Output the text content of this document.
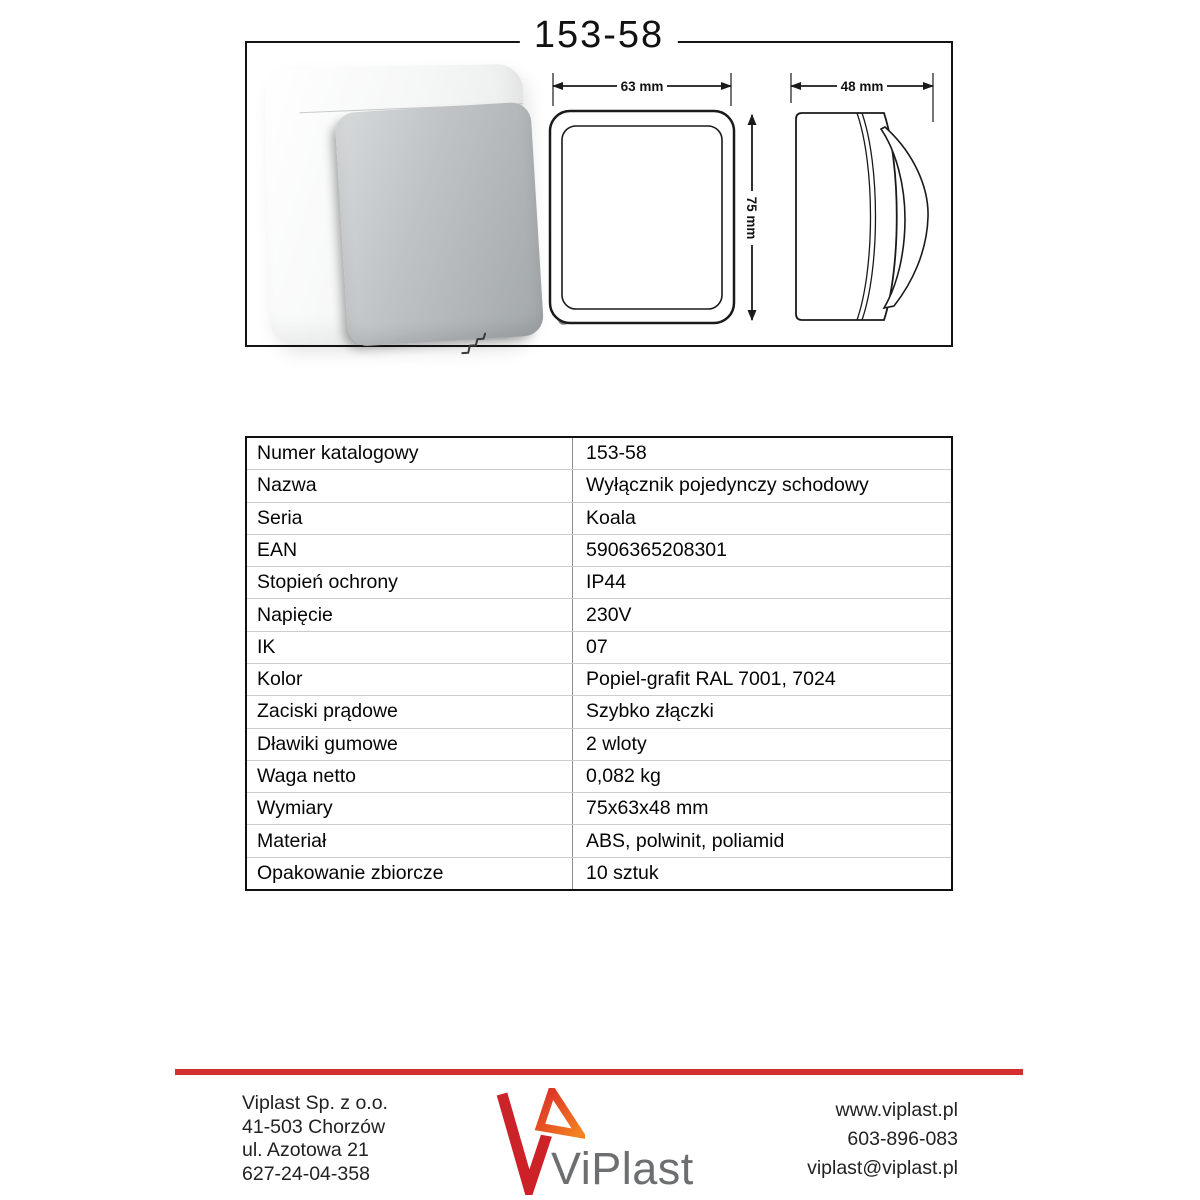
153-58
63 mm
75 mm
48 mm
Numer katalogowy	153-58
Nazwa	Wyłącznik pojedynczy schodowy
Seria	Koala
EAN	5906365208301
Stopień ochrony	IP44
Napięcie	230V
IK	07
Kolor	Popiel-grafit RAL 7001, 7024
Zaciski prądowe	Szybko złączki
Dławiki gumowe	2 wloty
Waga netto	0,082 kg
Wymiary	75x63x48 mm
Materiał	ABS, polwinit, poliamid
Opakowanie zbiorcze	10 sztuk
Viplast Sp. z o.o.
41-503 Chorzów
ul. Azotowa 21
627-24-04-358
www.viplast.pl
603-896-083
viplast@viplast.pl
ViPlast
